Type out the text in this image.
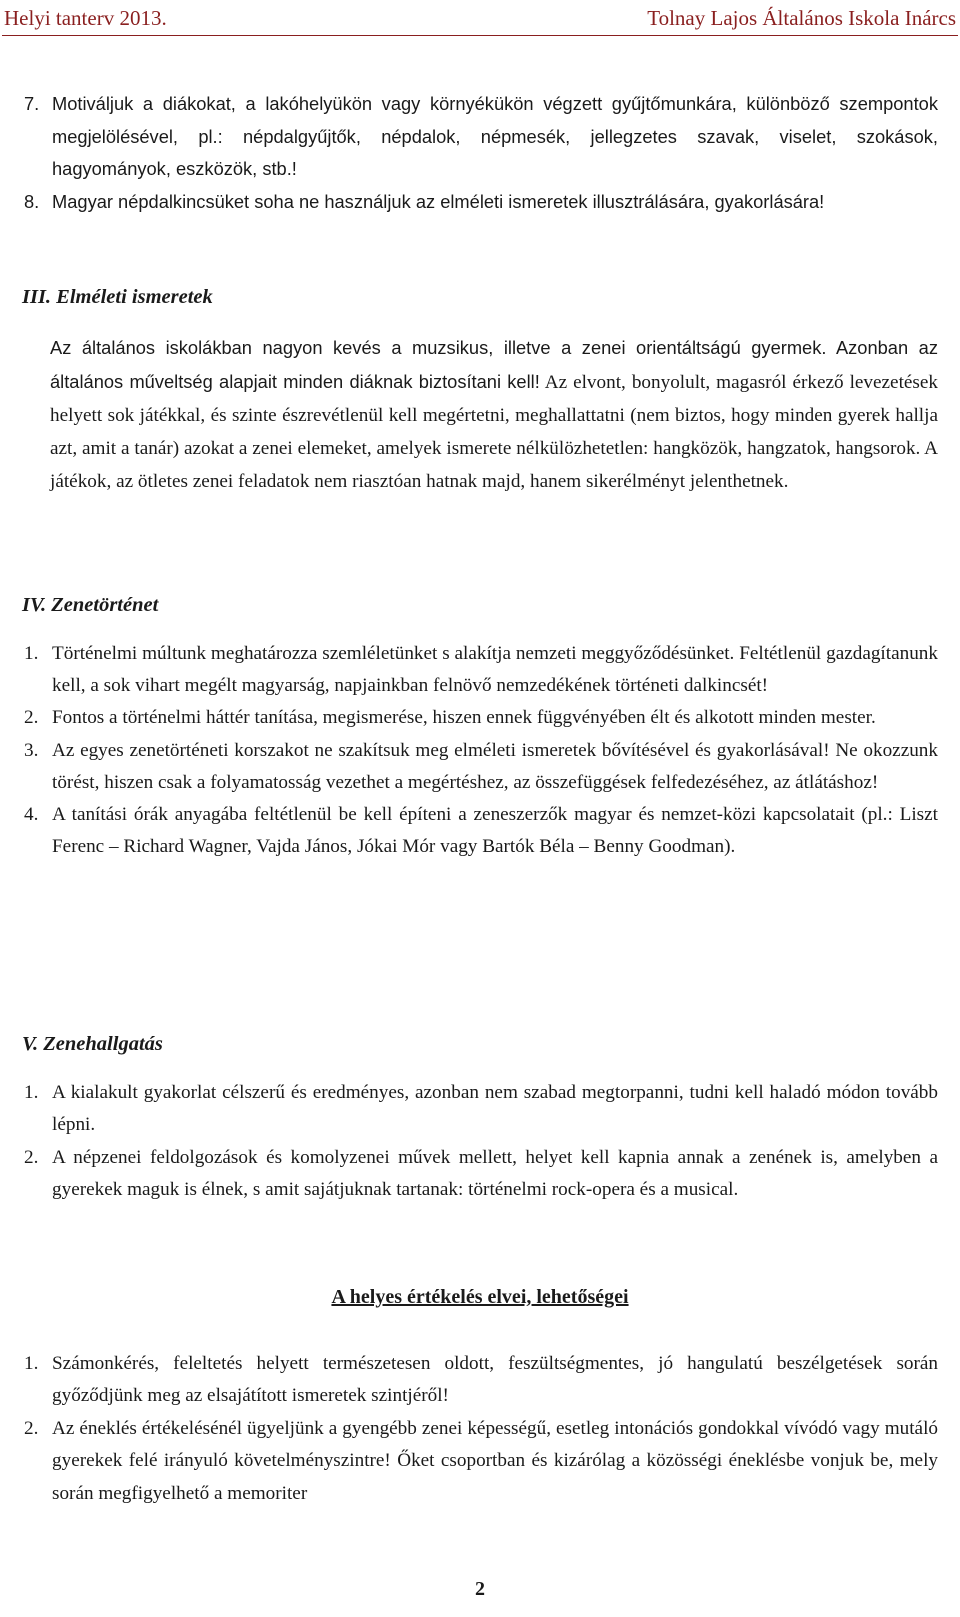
Helyi tanterv 2013.	Tolnay Lajos Általános Iskola Inárcs
7. Motiváljuk a diákokat, a lakóhelyükön vagy környékükön végzett gyűjtőmunkára, különböző szempontok megjelölésével, pl.: népdalgyűjtők, népdalok, népmesék, jellegzetes szavak, viselet, szokások, hagyományok, eszközök, stb.!
8. Magyar népdalkincsüket soha ne használjuk az elméleti ismeretek illusztrálására, gyakorlására!
III. Elméleti ismeretek
Az általános iskolákban nagyon kevés a muzsikus, illetve a zenei orientáltságú gyermek. Azonban az általános műveltség alapjait minden diáknak biztosítani kell! Az elvont, bonyolult, magasról érkező levezetések helyett sok játékkal, és szinte észrevétlenül kell megértetni, meghallattatni (nem biztos, hogy minden gyerek hallja azt, amit a tanár) azokat a zenei elemeket, amelyek ismerete nélkülözhetetlen: hangközök, hangzatok, hangsorok. A játékok, az ötletes zenei feladatok nem riasztóan hatnak majd, hanem sikerélményt jelenthetnek.
IV. Zenetörténet
1. Történelmi múltunk meghatározza szemléletünket s alakítja nemzeti meggyőződésünket. Feltétlenül gazdagítanunk kell, a sok vihart megélt magyarság, napjainkban felnövő nemzedékének történeti dalkincsét!
2. Fontos a történelmi háttér tanítása, megismerése, hiszen ennek függvényében élt és alkotott minden mester.
3. Az egyes zenetörténeti korszakot ne szakítsuk meg elméleti ismeretek bővítésével és gyakorlásával! Ne okozzunk törést, hiszen csak a folyamatosság vezethet a megértéshez, az összefüggések felfedezéséhez, az átlátáshoz!
4. A tanítási órák anyagába feltétlenül be kell építeni a zeneszerzők magyar és nemzet-közi kapcsolatait (pl.: Liszt Ferenc – Richard Wagner, Vajda János, Jókai Mór vagy Bartók Béla – Benny Goodman).
V. Zenehallgatás
1. A kialakult gyakorlat célszerű és eredményes, azonban nem szabad megtorpanni, tudni kell haladó módon tovább lépni.
2. A népzenei feldolgozások és komolyzenei művek mellett, helyet kell kapnia annak a zenének is, amelyben a gyerekek maguk is élnek, s amit sajátjuknak tartanak: történelmi rock-opera és a musical.
A helyes értékelés elvei, lehetőségei
1. Számonkérés, feleltetés helyett természetesen oldott, feszültségmentes, jó hangulatú beszélgetések során győződjünk meg az elsajátított ismeretek szintjéről!
2. Az éneklés értékelésénél ügyeljünk a gyengébb zenei képességű, esetleg intonációs gondokkal vívódó vagy mutáló gyerekek felé irányuló követelményszintre! Őket csoportban és kizárólag a közösségi éneklésbe vonjuk be, mely során megfigyelhető a memoriter
2
